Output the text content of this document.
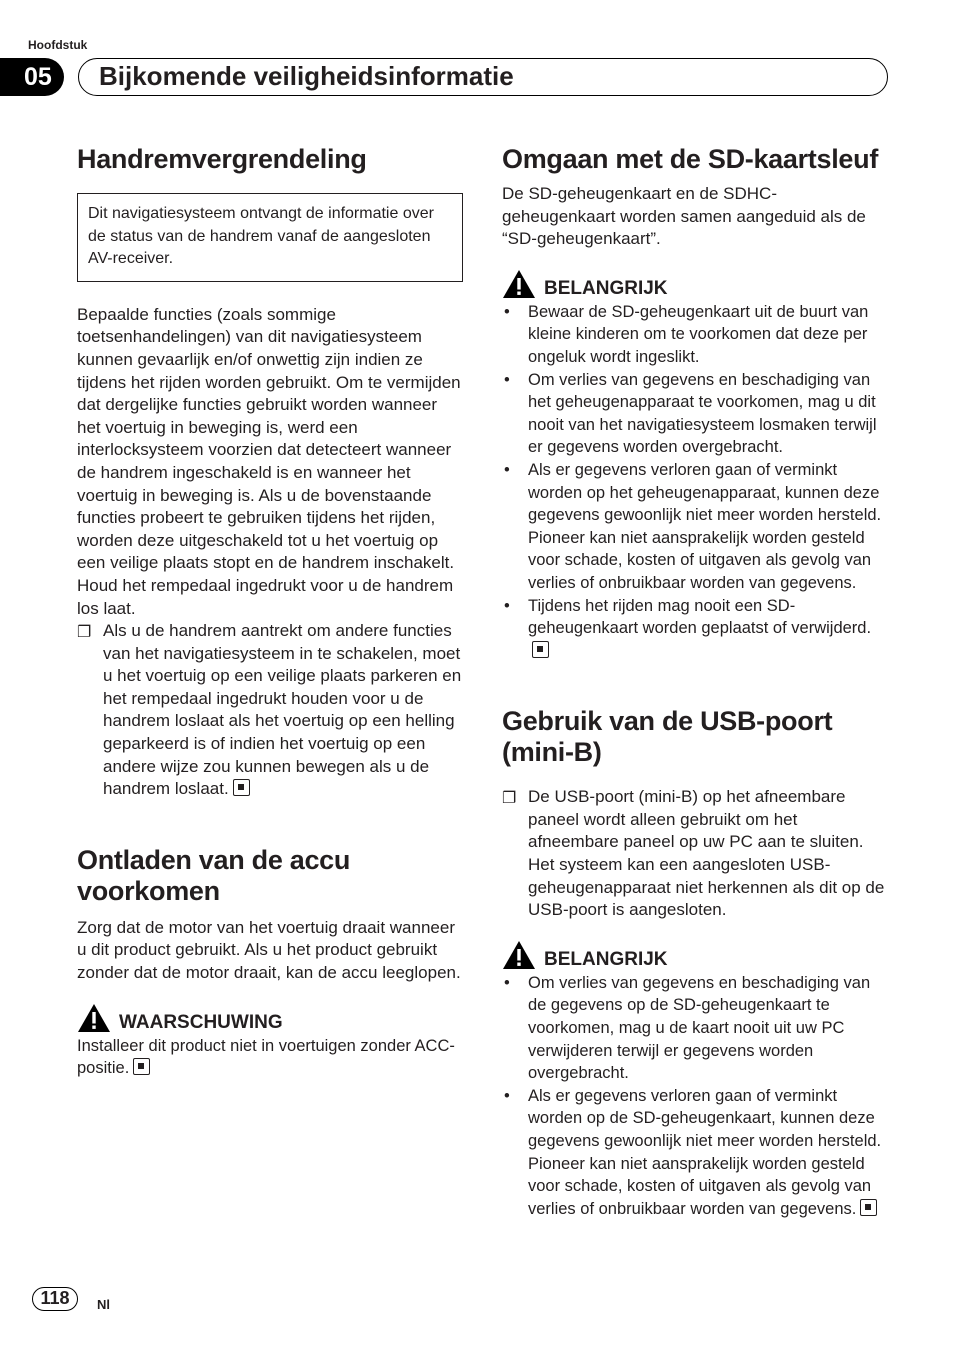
Hoofdstuk
05	Bijkomende veiligheidsinformatie
Handremvergrendeling

Dit navigatiesysteem ontvangt de informatie over de status van de handrem vanaf de aangesloten AV-receiver.

Bepaalde functies (zoals sommige toetsenhandelingen) van dit navigatiesysteem kunnen gevaarlijk en/of onwettig zijn indien ze tijdens het rijden worden gebruikt. Om te vermijden dat dergelijke functies gebruikt worden wanneer het voertuig in beweging is, werd een interlocksysteem voorzien dat detecteert wanneer de handrem ingeschakeld is en wanneer het voertuig in beweging is. Als u de bovenstaande functies probeert te gebruiken tijdens het rijden, worden deze uitgeschakeld tot u het voertuig op een veilige plaats stopt en de handrem inschakelt. Houd het rempedaal ingedrukt voor u de handrem los laat.

❐ Als u de handrem aantrekt om andere functies van het navigatiesysteem in te schakelen, moet u het voertuig op een veilige plaats parkeren en het rempedaal ingedrukt houden voor u de handrem loslaat als het voertuig op een helling geparkeerd is of indien het voertuig op een andere wijze zou kunnen bewegen als u de handrem loslaat.
Ontladen van de accu voorkomen

Zorg dat de motor van het voertuig draait wanneer u dit product gebruikt. Als u het product gebruikt zonder dat de motor draait, kan de accu leeglopen.

WAARSCHUWING

Installeer dit product niet in voertuigen zonder ACC-positie.

Omgaan met de SD-kaartsleuf

De SD-geheugenkaart en de SDHC-geheugenkaart worden samen aangeduid als de “SD-geheugenkaart”.

BELANGRIJK
• Bewaar de SD-geheugenkaart uit de buurt van kleine kinderen om te voorkomen dat deze per ongeluk wordt ingeslikt.
• Om verlies van gegevens en beschadiging van het geheugenapparaat te voorkomen, mag u dit nooit van het navigatiesysteem losmaken terwijl er gegevens worden overgebracht.
• Als er gegevens verloren gaan of verminkt worden op het geheugenapparaat, kunnen deze gegevens gewoonlijk niet meer worden hersteld. Pioneer kan niet aansprakelijk worden gesteld voor schade, kosten of uitgaven als gevolg van verlies of onbruikbaar worden van gegevens.
• Tijdens het rijden mag nooit een SD-geheugenkaart worden geplaatst of verwijderd.
Gebruik van de USB-poort (mini-B)
❐ De USB-poort (mini-B) op het afneembare paneel wordt alleen gebruikt om het afneembare paneel op uw PC aan te sluiten. Het systeem kan een aangesloten USB-geheugenapparaat niet herkennen als dit op de USB-poort is aangesloten.
BELANGRIJK
• Om verlies van gegevens en beschadiging van de gegevens op de SD-geheugenkaart te voorkomen, mag u de kaart nooit uit uw PC verwijderen terwijl er gegevens worden overgebracht.
• Als er gegevens verloren gaan of verminkt worden op de SD-geheugenkaart, kunnen deze gegevens gewoonlijk niet meer worden hersteld. Pioneer kan niet aansprakelijk worden gesteld voor schade, kosten of uitgaven als gevolg van verlies of onbruikbaar worden van gegevens.
118	Nl
